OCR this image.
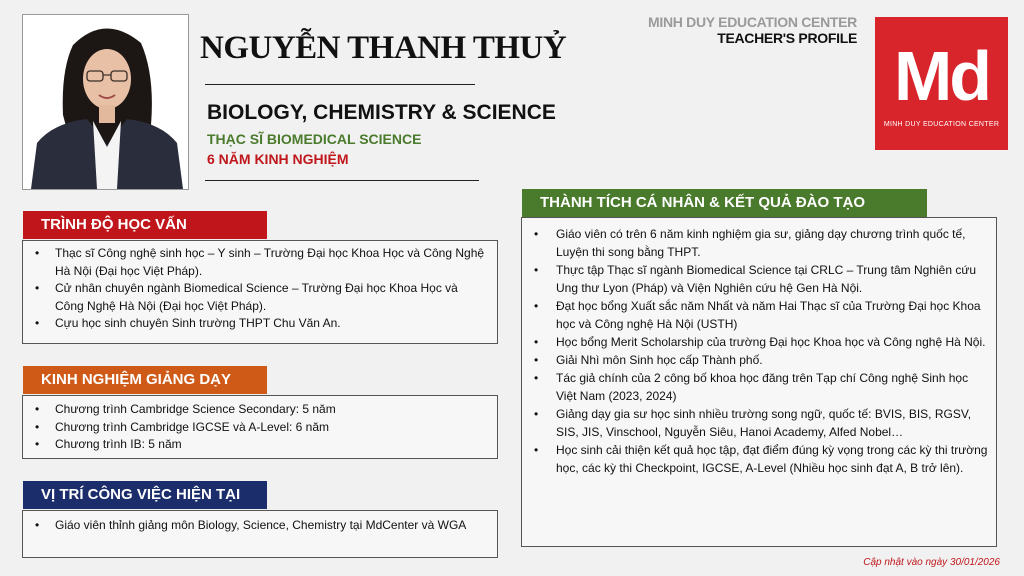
NGUYỄN THANH THUỶ
BIOLOGY, CHEMISTRY & SCIENCE
THẠC SĨ BIOMEDICAL SCIENCE
6 NĂM KINH NGHIỆM
MINH DUY EDUCATION CENTER
TEACHER'S PROFILE Md
MINH DUY EDUCATION CENTER
TRÌNH ĐỘ HỌC VẤN
• Thạc sĩ Công nghệ sinh học – Y sinh – Trường Đại học Khoa Học và Công Nghệ Hà Nội (Đại học Việt Pháp).
• Cử nhân chuyên ngành Biomedical Science – Trường Đại học Khoa Học và Công Nghệ Hà Nội (Đại học Việt Pháp).
• Cựu học sinh chuyên Sinh trường THPT Chu Văn An.
KINH NGHIỆM GIẢNG DẠY
• Chương trình Cambridge Science Secondary: 5 năm
• Chương trình Cambridge IGCSE và A-Level: 6 năm
• Chương trình IB: 5 năm
VỊ TRÍ CÔNG VIỆC HIỆN TẠI
• Giáo viên thỉnh giảng môn Biology, Science, Chemistry tại MdCenter và WGA
THÀNH TÍCH CÁ NHÂN & KẾT QUẢ ĐÀO TẠO
• Giáo viên có trên 6 năm kinh nghiệm gia sư, giảng dạy chương trình quốc tế, Luyện thi song bằng THPT.
• Thực tập Thạc sĩ ngành Biomedical Science tại CRLC – Trung tâm Nghiên cứu Ung thư Lyon (Pháp) và Viện Nghiên cứu hệ Gen Hà Nội.
• Đạt học bổng Xuất sắc năm Nhất và năm Hai Thạc sĩ của Trường Đại học Khoa học và Công nghệ Hà Nội (USTH)
• Học bổng Merit Scholarship của trường Đại học Khoa học và Công nghệ Hà Nội.
• Giải Nhì môn Sinh học cấp Thành phố.
• Tác giả chính của 2 công bố khoa học đăng trên Tạp chí Công nghệ Sinh học Việt Nam (2023, 2024)
• Giảng dạy gia sư học sinh nhiều trường song ngữ, quốc tế: BVIS, BIS, RGSV, SIS, JIS, Vinschool, Nguyễn Siêu, Hanoi Academy, Alfed Nobel…
• Học sinh cải thiện kết quả học tập, đạt điểm đúng kỳ vọng trong các kỳ thi trường học, các kỳ thi Checkpoint, IGCSE, A-Level (Nhiều học sinh đạt A, B trở lên).
Cập nhật vào ngày 30/01/2026
